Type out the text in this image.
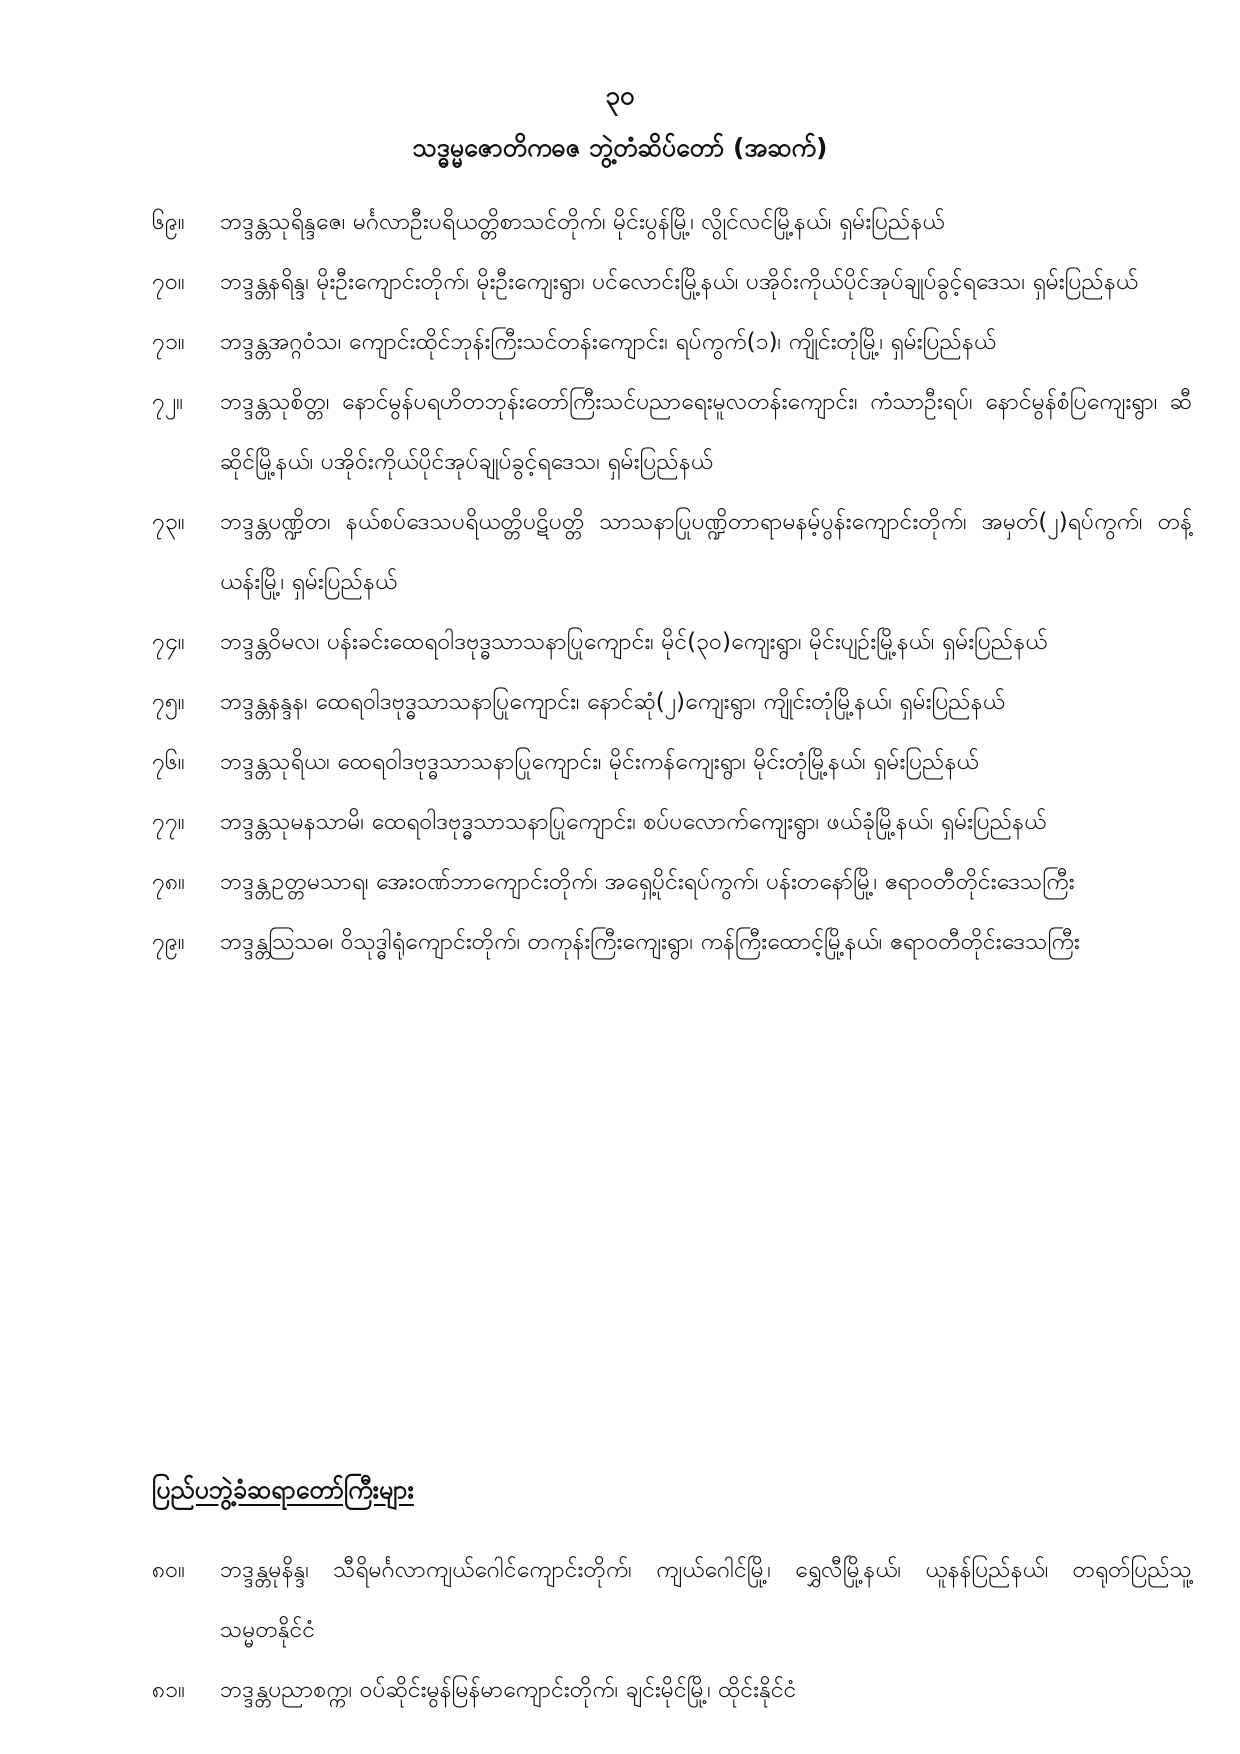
၃၀
သဒ္ဓမ္မဇောတိကဓဇ ဘွဲ့တံဆိပ်တော် (အဆက်)
၆၉။	ဘဒ္ဒန္တသုရိန္ဒဇေ၊ မင်္ဂလာဦးပရိယတ္တိစာသင်တိုက်၊ မိုင်းပွန်မြို့၊ လွိုင်လင်မြို့နယ်၊ ရှမ်းပြည်နယ်
၇၀။	ဘဒ္ဒန္တနရိန္ဒ၊ မိုးဦးကျောင်းတိုက်၊ မိုးဦးကျေးရွာ၊ ပင်လောင်းမြို့နယ်၊ ပအိုဝ်းကိုယ်ပိုင်အုပ်ချုပ်ခွင့်ရဒေသ၊ ရှမ်းပြည်နယ်
၇၁။	ဘဒ္ဒန္တအဂ္ဂဝံသ၊ ကျောင်းထိုင်ဘုန်းကြီးသင်တန်းကျောင်း၊ ရပ်ကွက်(၁)၊ ကျိုင်းတုံမြို့၊ ရှမ်းပြည်နယ်
၇၂။	ဘဒ္ဒန္တသုစိတ္တ၊ နောင်မွန်ပရဟိတဘုန်းတော်ကြီးသင်ပညာရေးမူလတန်းကျောင်း၊ ကံသာဦးရပ်၊ နောင်မွန်စံပြကျေးရွာ၊ ဆီဆိုင်မြို့နယ်၊ ပအိုဝ်းကိုယ်ပိုင်အုပ်ချုပ်ခွင့်ရဒေသ၊ ရှမ်းပြည်နယ်
၇၃။	ဘဒ္ဒန္တပဏ္ဍိတ၊ နယ်စပ်ဒေသပရိယတ္တိပဋိပတ္တိ သာသနာပြုပဏ္ဍိတာရာမနမ့်ပွန်းကျောင်းတိုက်၊ အမှတ်(၂)ရပ်ကွက်၊ တန့်ယန်းမြို့၊ ရှမ်းပြည်နယ်
၇၄။	ဘဒ္ဒန္တဝိမလ၊ ပန်းခင်းထေရဝါဒဗုဒ္ဓသာသနာပြုကျောင်း၊ မိုင်(၃၀)ကျေးရွာ၊ မိုင်းပျဉ်းမြို့နယ်၊ ရှမ်းပြည်နယ်
၇၅။	ဘဒ္ဒန္တနန္ဒန၊ ထေရဝါဒဗုဒ္ဓသာသနာပြုကျောင်း၊ နောင်ဆုံ(၂)ကျေးရွာ၊ ကျိုင်းတုံမြို့နယ်၊ ရှမ်းပြည်နယ်
၇၆။	ဘဒ္ဒန္တသုရိယ၊ ထေရဝါဒဗုဒ္ဓသာသနာပြုကျောင်း၊ မိုင်းကန်ကျေးရွာ၊ မိုင်းတုံမြို့နယ်၊ ရှမ်းပြည်နယ်
၇၇။	ဘဒ္ဒန္တသုမနသာမိ၊ ထေရဝါဒဗုဒ္ဓသာသနာပြုကျောင်း၊ စပ်ပလောက်ကျေးရွာ၊ ဖယ်ခုံမြို့နယ်၊ ရှမ်းပြည်နယ်
၇၈။	ဘဒ္ဒန္တဥတ္တမသာရ၊ အေးဝဏ်ဘာကျောင်းတိုက်၊ အရှေ့ပိုင်းရပ်ကွက်၊ ပန်းတနော်မြို့၊ ဧရာဝတီတိုင်းဒေသကြီး
၇၉။	ဘဒ္ဒန္တသြသဓ၊ ဝိသုဒ္ဓါရုံကျောင်းတိုက်၊ တကုန်းကြီးကျေးရွာ၊ ကန်ကြီးထောင့်မြို့နယ်၊ ဧရာဝတီတိုင်းဒေသကြီး
ပြည်ပဘွဲ့ခံဆရာတော်ကြီးများ
၈၀။	ဘဒ္ဒန္တမုနိန္ဒ၊ သီရိမင်္ဂလာကျယ်ဂေါင်ကျောင်းတိုက်၊ ကျယ်ဂေါင်မြို့၊ ရွှေလီမြို့နယ်၊ ယူနန်ပြည်နယ်၊ တရုတ်ပြည်သူ့သမ္မတနိုင်ငံ
၈၁။	ဘဒ္ဒန္တပညာစက္က၊ ဝပ်ဆိုင်းမွန်မြန်မာကျောင်းတိုက်၊ ချင်းမိုင်မြို့၊ ထိုင်းနိုင်ငံ
